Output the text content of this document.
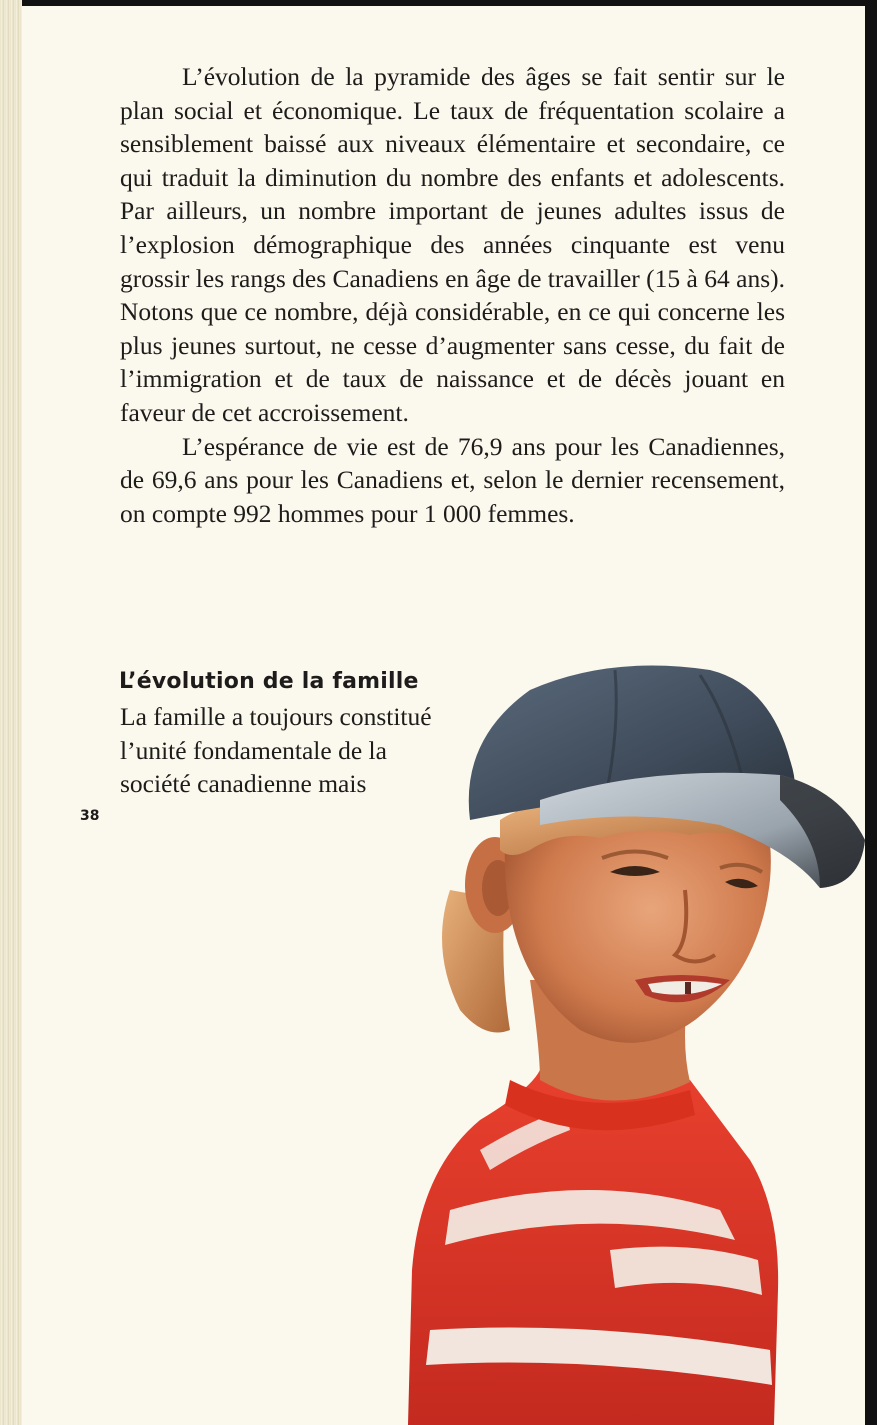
L’évolution de la pyramide des âges se fait sentir sur le plan social et économique. Le taux de fréquentation scolaire a sensiblement baissé aux niveaux élémentaire et secondaire, ce qui traduit la diminution du nombre des enfants et adolescents. Par ailleurs, un nombre important de jeunes adultes issus de l’explosion démographique des années cinquante est venu grossir les rangs des Canadiens en âge de travailler (15 à 64 ans). Notons que ce nombre, déjà considérable, en ce qui concerne les plus jeunes surtout, ne cesse d’augmenter sans cesse, du fait de l’immigration et de taux de naissance et de décès jouant en faveur de cet accroissement.

L’espérance de vie est de 76,9 ans pour les Canadiennes, de 69,6 ans pour les Canadiens et, selon le dernier recensement, on compte 992 hommes pour 1 000 femmes.

L’évolution de la famille
La famille a toujours constitué
l’unité fondamentale de la
société canadienne mais
38
